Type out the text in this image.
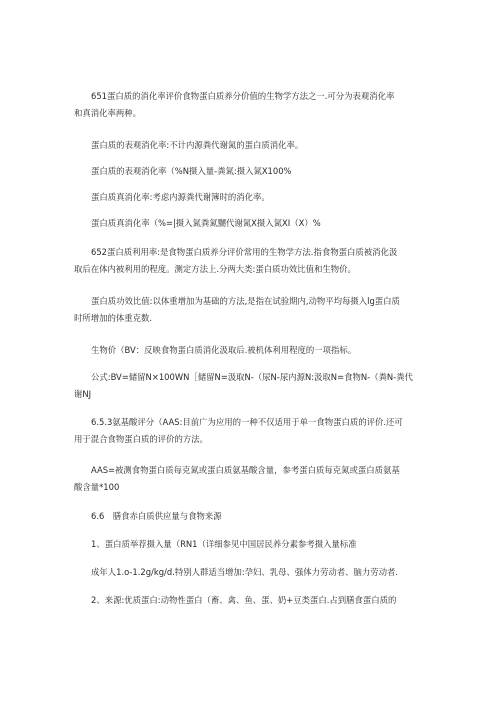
651蛋白质的消化率评价食物蛋白质养分价值的生物学方法之一.可分为表观消化率
和真消化率两种。
蛋白质的表观消化率:不计内源粪代谢氮的蛋白质消化率。
蛋白质的表观消化率（%N摄入量-粪氮:摄入氮X100%
蛋白质真消化率:考虑内源粪代谢簿时的消化率。
蛋白质真消化率（%=|摄入氮粪氮嬲代谢氮X摄入氮XI（X）%
652蛋白质利用率:是食物蛋白质养分评价常用的生物学方法.指食物蛋白质被消化汲
取后在体内被利用的程度。测定方法上.分两大类:蛋白质功效比值和生物价。
蛋白质功效比值:以体重增加为基础的方法,是指在试验期内,动物平均每摄入lg蛋白质
时所增加的体重克数.
生物价（BV：反映食物蛋白质消化汲取后.被机体利用程度的一项指标。
公式:BV=储留N×100WN［储留N=汲取N-（尿N-尿内源N:汲取N=食物N-（粪N-粪代
谢NJ
6.5.3氨基酸评分（AAS:目前广为应用的一种不仅适用于单一食物蛋白质的评价.还可
用于混合食物蛋白质的评价的方法。
AAS=被测食物蛋白质每克氮或蛋白质氨基酸含量，参考蛋白质每克氮或蛋白质氨基
酸含量*100
6.6　膳食赤白质供应量与食物来源
1、蛋白质举荐摄入量（RN1（详细参见中国居民养分素参考摄入量标准
成年人1.o-1.2g/kg/d.特别人群适当增加:孕妇、乳母、强体力劳动者、脑力劳动者.
2、来源:优质蛋白:动物性蛋白（畜、禽、鱼、蛋、奶+豆类蛋白.占到膳食蛋白质的
